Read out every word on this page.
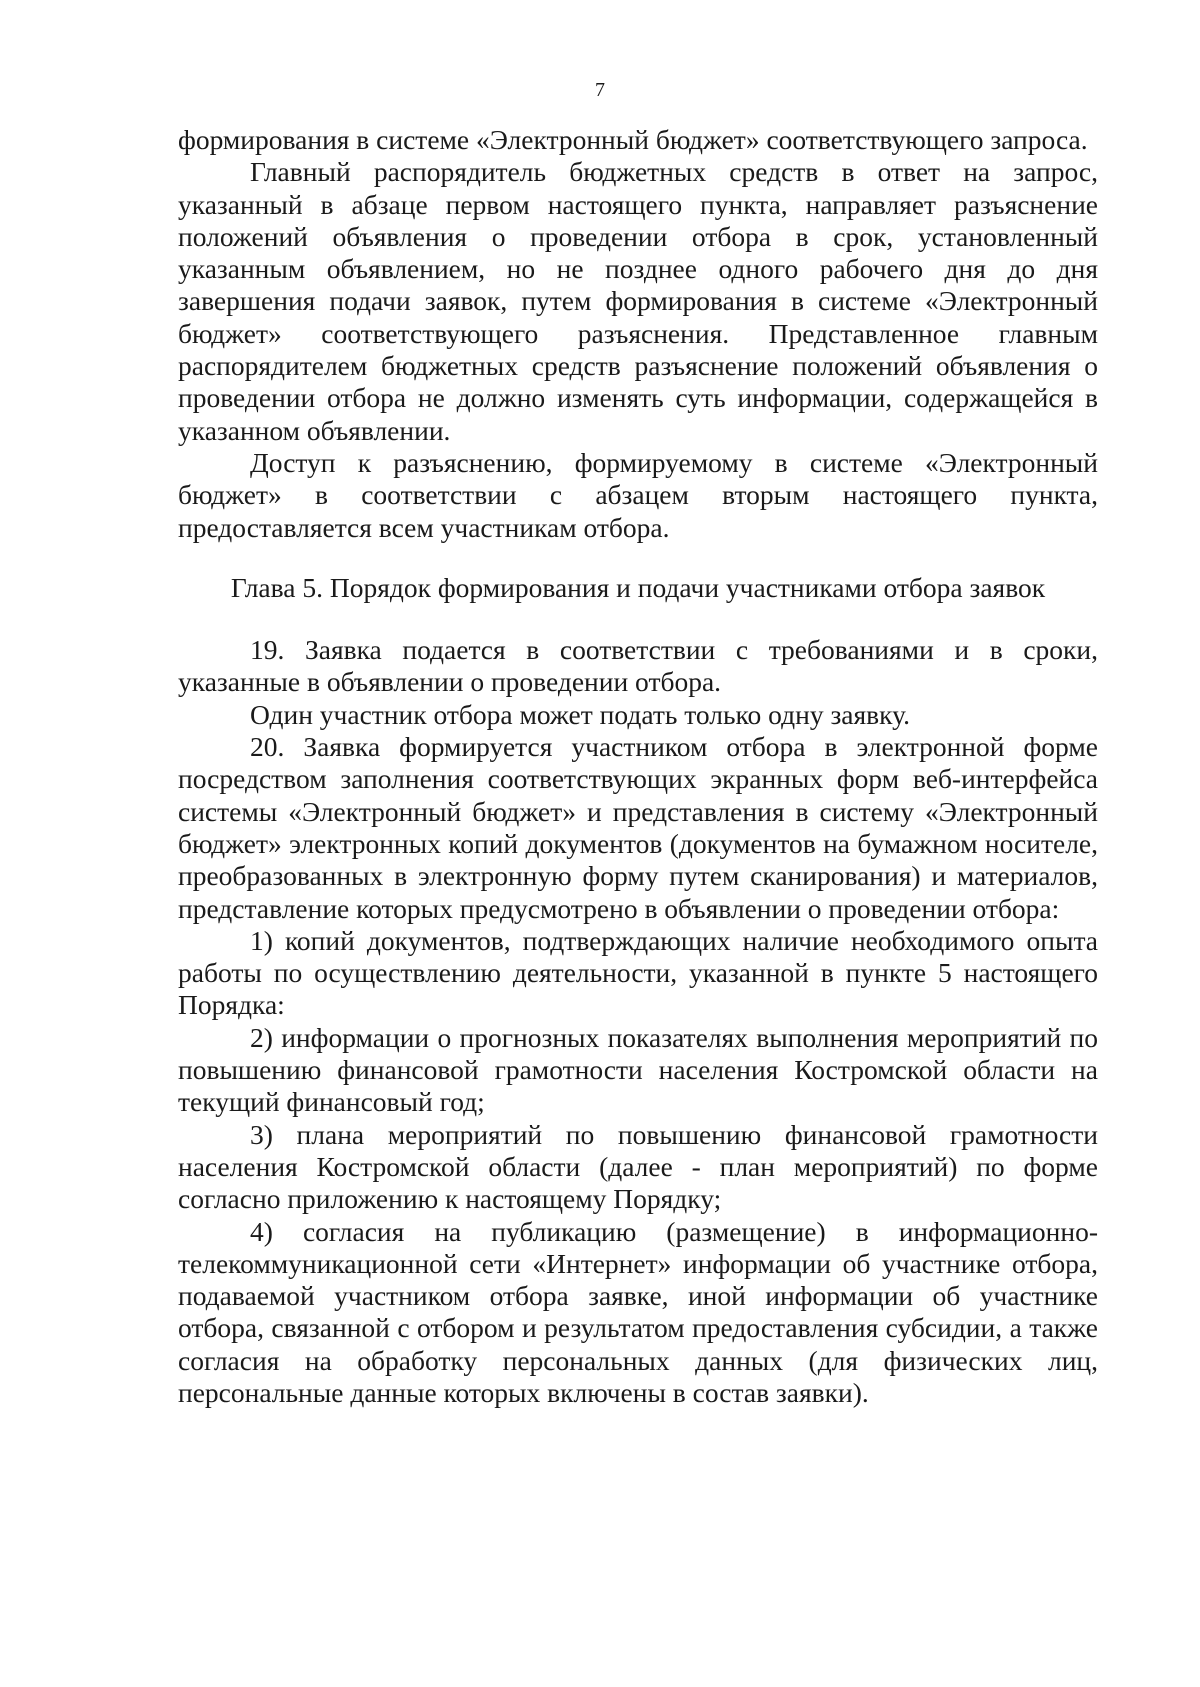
7

формирования в системе «Электронный бюджет» соответствующего запроса.

Главный распорядитель бюджетных средств в ответ на запрос, указанный в абзаце первом настоящего пункта, направляет разъяснение положений объявления о проведении отбора в срок, установленный указанным объявлением, но не позднее одного рабочего дня до дня завершения подачи заявок, путем формирования в системе «Электронный бюджет» соответствующего разъяснения. Представленное главным распорядителем бюджетных средств разъяснение положений объявления о проведении отбора не должно изменять суть информации, содержащейся в указанном объявлении.

Доступ к разъяснению, формируемому в системе «Электронный бюджет» в соответствии с абзацем вторым настоящего пункта, предоставляется всем участникам отбора.

Глава 5. Порядок формирования и подачи участниками отбора заявок

19. Заявка подается в соответствии с требованиями и в сроки, указанные в объявлении о проведении отбора.

Один участник отбора может подать только одну заявку.

20. Заявка формируется участником отбора в электронной форме посредством заполнения соответствующих экранных форм веб-интерфейса системы «Электронный бюджет» и представления в систему «Электронный бюджет» электронных копий документов (документов на бумажном носителе, преобразованных в электронную форму путем сканирования) и материалов, представление которых предусмотрено в объявлении о проведении отбора:

1) копий документов, подтверждающих наличие необходимого опыта работы по осуществлению деятельности, указанной в пункте 5 настоящего Порядка:

2) информации о прогнозных показателях выполнения мероприятий по повышению финансовой грамотности населения Костромской области на текущий финансовый год;

3) плана мероприятий по повышению финансовой грамотности населения Костромской области (далее - план мероприятий) по форме согласно приложению к настоящему Порядку;

4) согласия на публикацию (размещение) в информационно-телекоммуникационной сети «Интернет» информации об участнике отбора, подаваемой участником отбора заявке, иной информации об участнике отбора, связанной с отбором и результатом предоставления субсидии, а также согласия на обработку персональных данных (для физических лиц, персональные данные которых включены в состав заявки).
